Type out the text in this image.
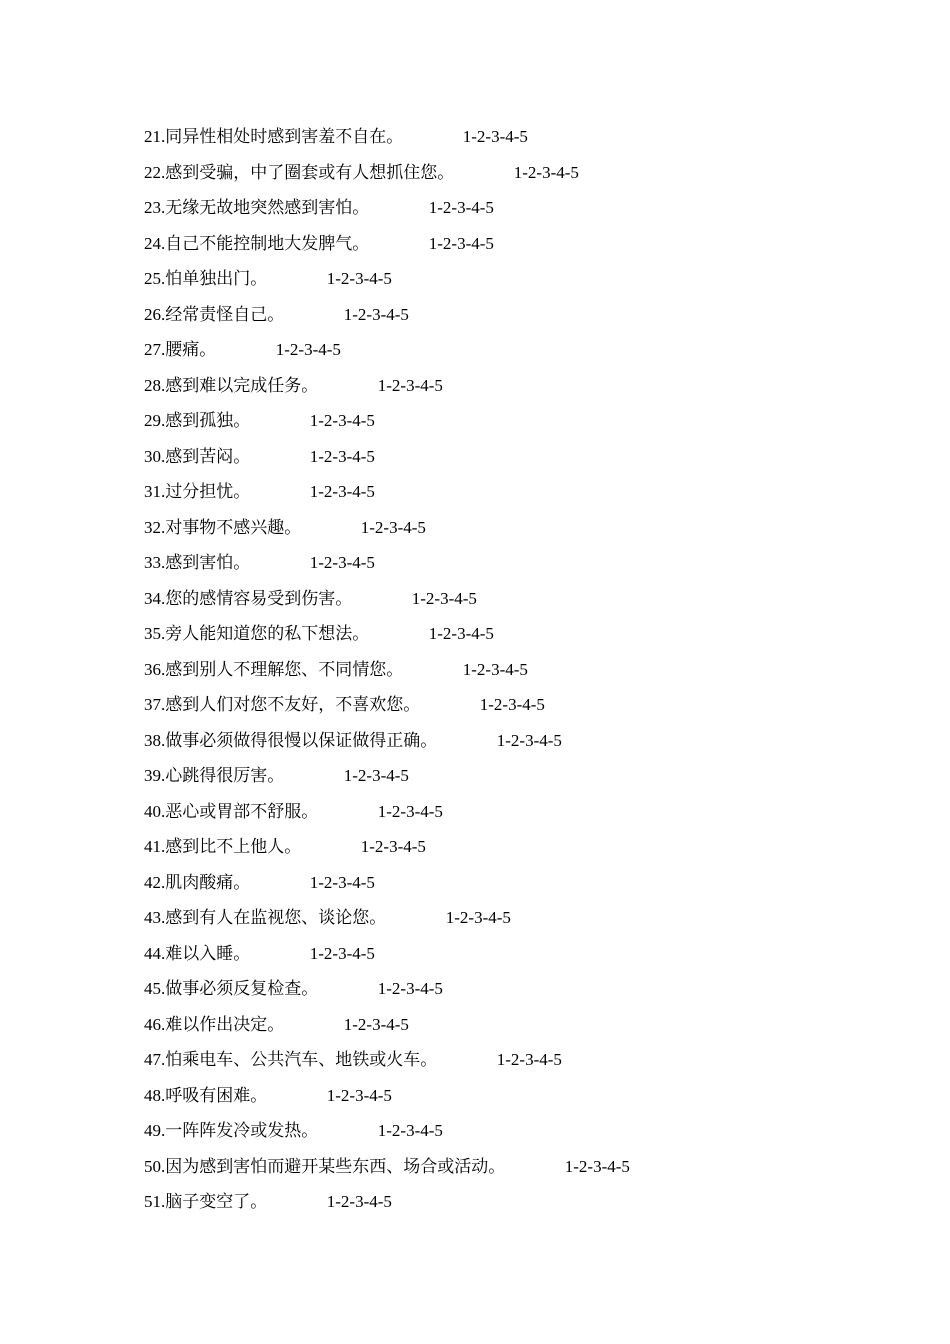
21.同异性相处时感到害羞不自在。	1-2-3-4-5
22.感到受骗，中了圈套或有人想抓住您。	1-2-3-4-5
23.无缘无故地突然感到害怕。	1-2-3-4-5
24.自己不能控制地大发脾气。	1-2-3-4-5
25.怕单独出门。	1-2-3-4-5
26.经常责怪自己。	1-2-3-4-5
27.腰痛。	1-2-3-4-5
28.感到难以完成任务。	1-2-3-4-5
29.感到孤独。	1-2-3-4-5
30.感到苦闷。	1-2-3-4-5
31.过分担忧。	1-2-3-4-5
32.对事物不感兴趣。	1-2-3-4-5
33.感到害怕。	1-2-3-4-5
34.您的感情容易受到伤害。	1-2-3-4-5
35.旁人能知道您的私下想法。	1-2-3-4-5
36.感到别人不理解您、不同情您。	1-2-3-4-5
37.感到人们对您不友好，不喜欢您。	1-2-3-4-5
38.做事必须做得很慢以保证做得正确。	1-2-3-4-5
39.心跳得很厉害。	1-2-3-4-5
40.恶心或胃部不舒服。	1-2-3-4-5
41.感到比不上他人。	1-2-3-4-5
42.肌肉酸痛。	1-2-3-4-5
43.感到有人在监视您、谈论您。	1-2-3-4-5
44.难以入睡。	1-2-3-4-5
45.做事必须反复检查。	1-2-3-4-5
46.难以作出决定。	1-2-3-4-5
47.怕乘电车、公共汽车、地铁或火车。	1-2-3-4-5
48.呼吸有困难。	1-2-3-4-5
49.一阵阵发冷或发热。	1-2-3-4-5
50.因为感到害怕而避开某些东西、场合或活动。	1-2-3-4-5
51.脑子变空了。	1-2-3-4-5
